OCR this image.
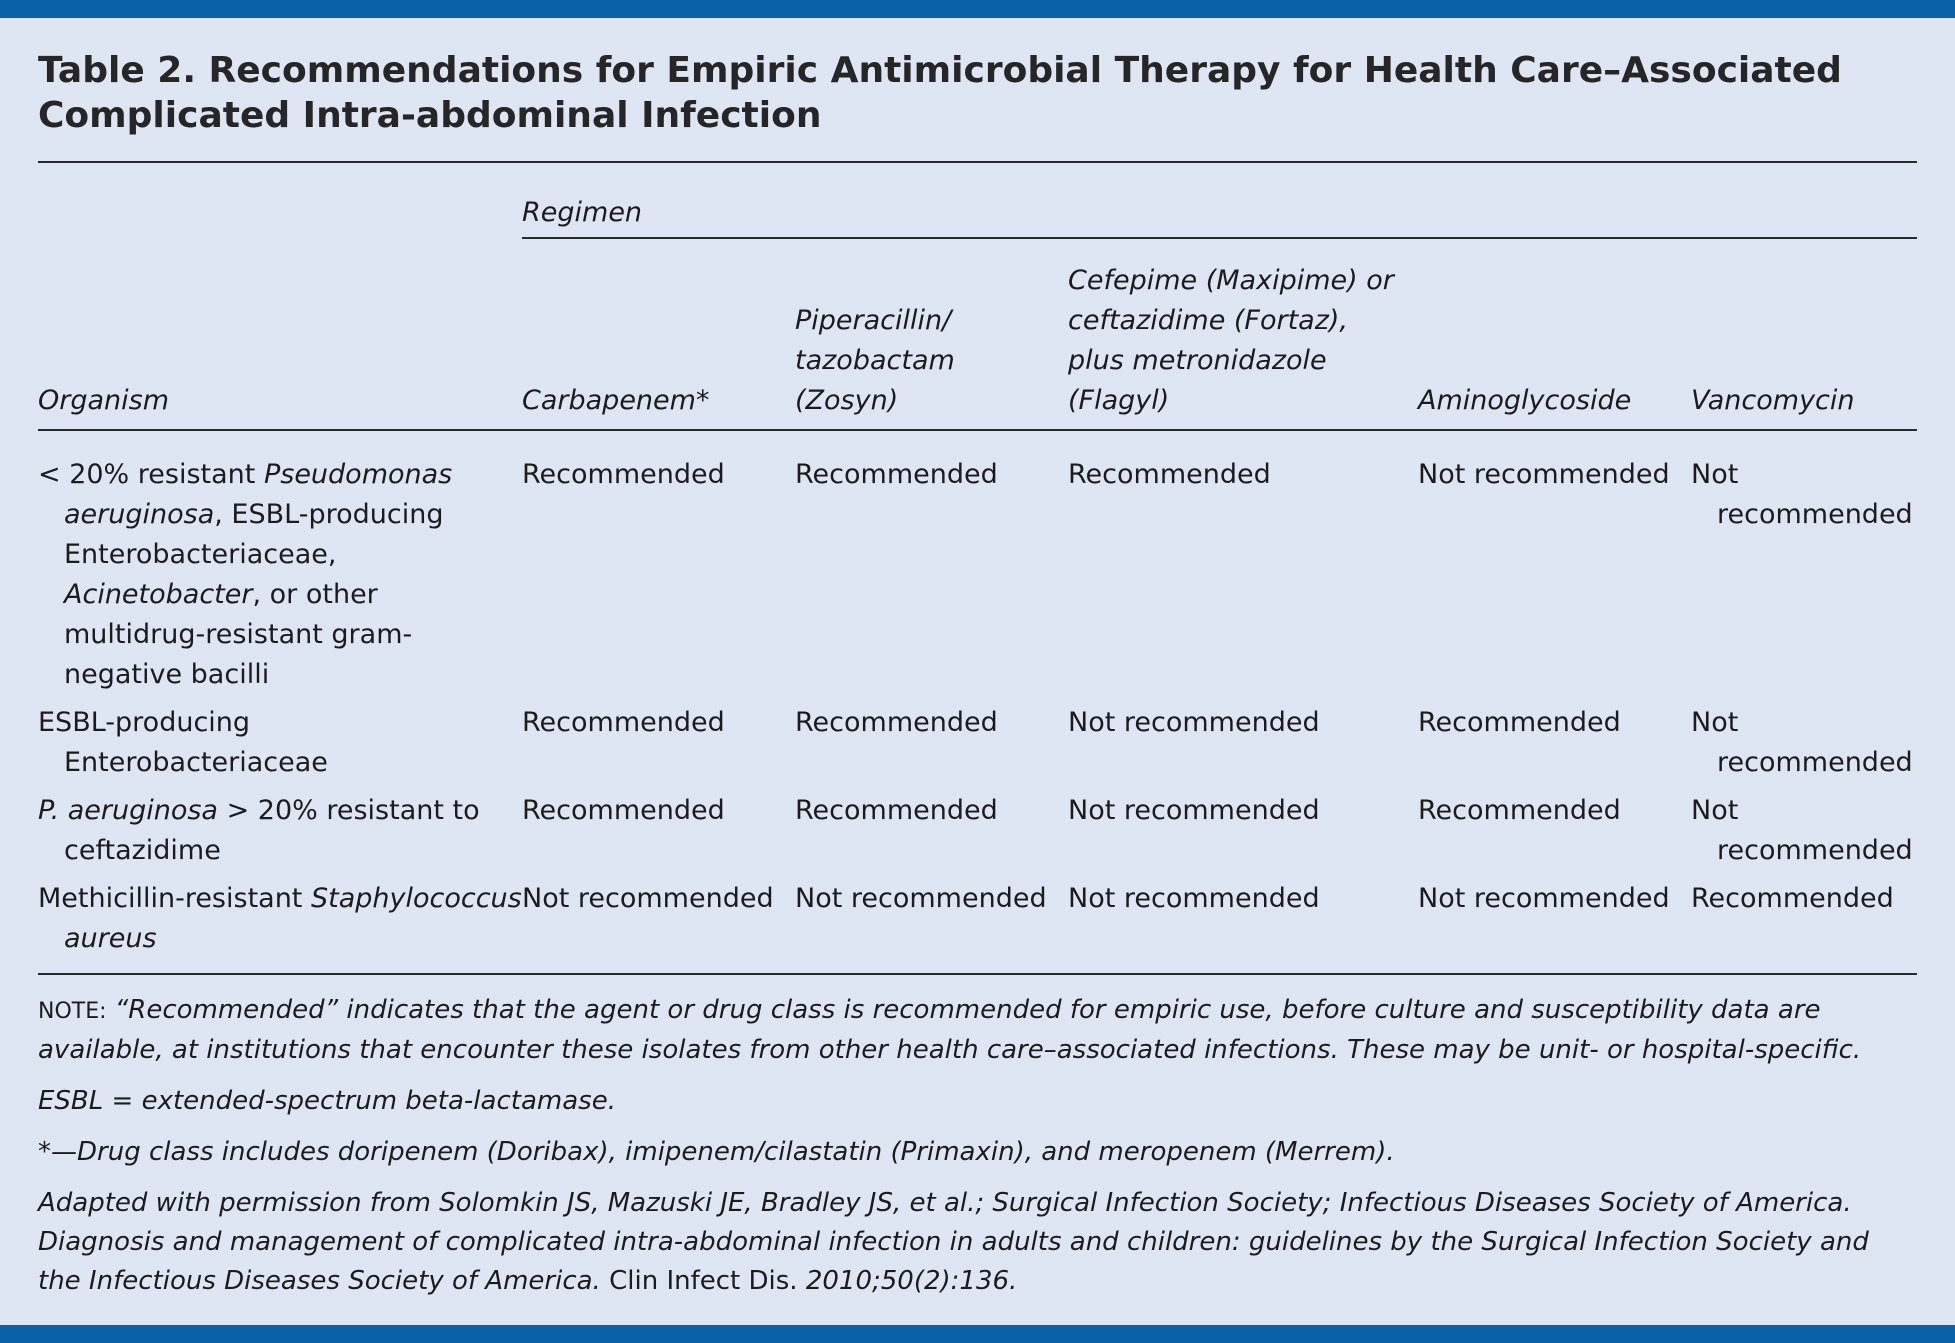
Table 2. Recommendations for Empiric Antimicrobial Therapy for Health Care–Associated Complicated Intra-abdominal Infection
	Regimen				
Organism	Carbapenem*	Piperacillin/ tazobactam (Zosyn)	Cefepime (Maxipime) or ceftazidime (Fortaz), plus metronidazole (Flagyl)	Aminoglycoside	Vancomycin

< 20% resistant Pseudomonas aeruginosa, ESBL-producing Enterobacteriaceae, Acinetobacter, or other multidrug-resistant gram-negative bacilli	Recommended	Recommended	Recommended	Not recommended	Not recommended

ESBL-producing Enterobacteriaceae	Recommended	Recommended	Not recommended	Recommended	Not recommended

P. aeruginosa > 20% resistant to ceftazidime	Recommended	Recommended	Not recommended	Recommended	Not recommended

Methicillin-resistant Staphylococcus aureus	Not recommended	Not recommended	Not recommended	Not recommended	Recommended

NOTE: “Recommended” indicates that the agent or drug class is recommended for empiric use, before culture and susceptibility data are available, at institutions that encounter these isolates from other health care–associated infections. These may be unit- or hospital-specific.

ESBL = extended-spectrum beta-lactamase.

*—Drug class includes doripenem (Doribax), imipenem/cilastatin (Primaxin), and meropenem (Merrem).

Adapted with permission from Solomkin JS, Mazuski JE, Bradley JS, et al.; Surgical Infection Society; Infectious Diseases Society of America. Diagnosis and management of complicated intra-abdominal infection in adults and children: guidelines by the Surgical Infection Society and the Infectious Diseases Society of America. Clin Infect Dis. 2010;50(2):136.
